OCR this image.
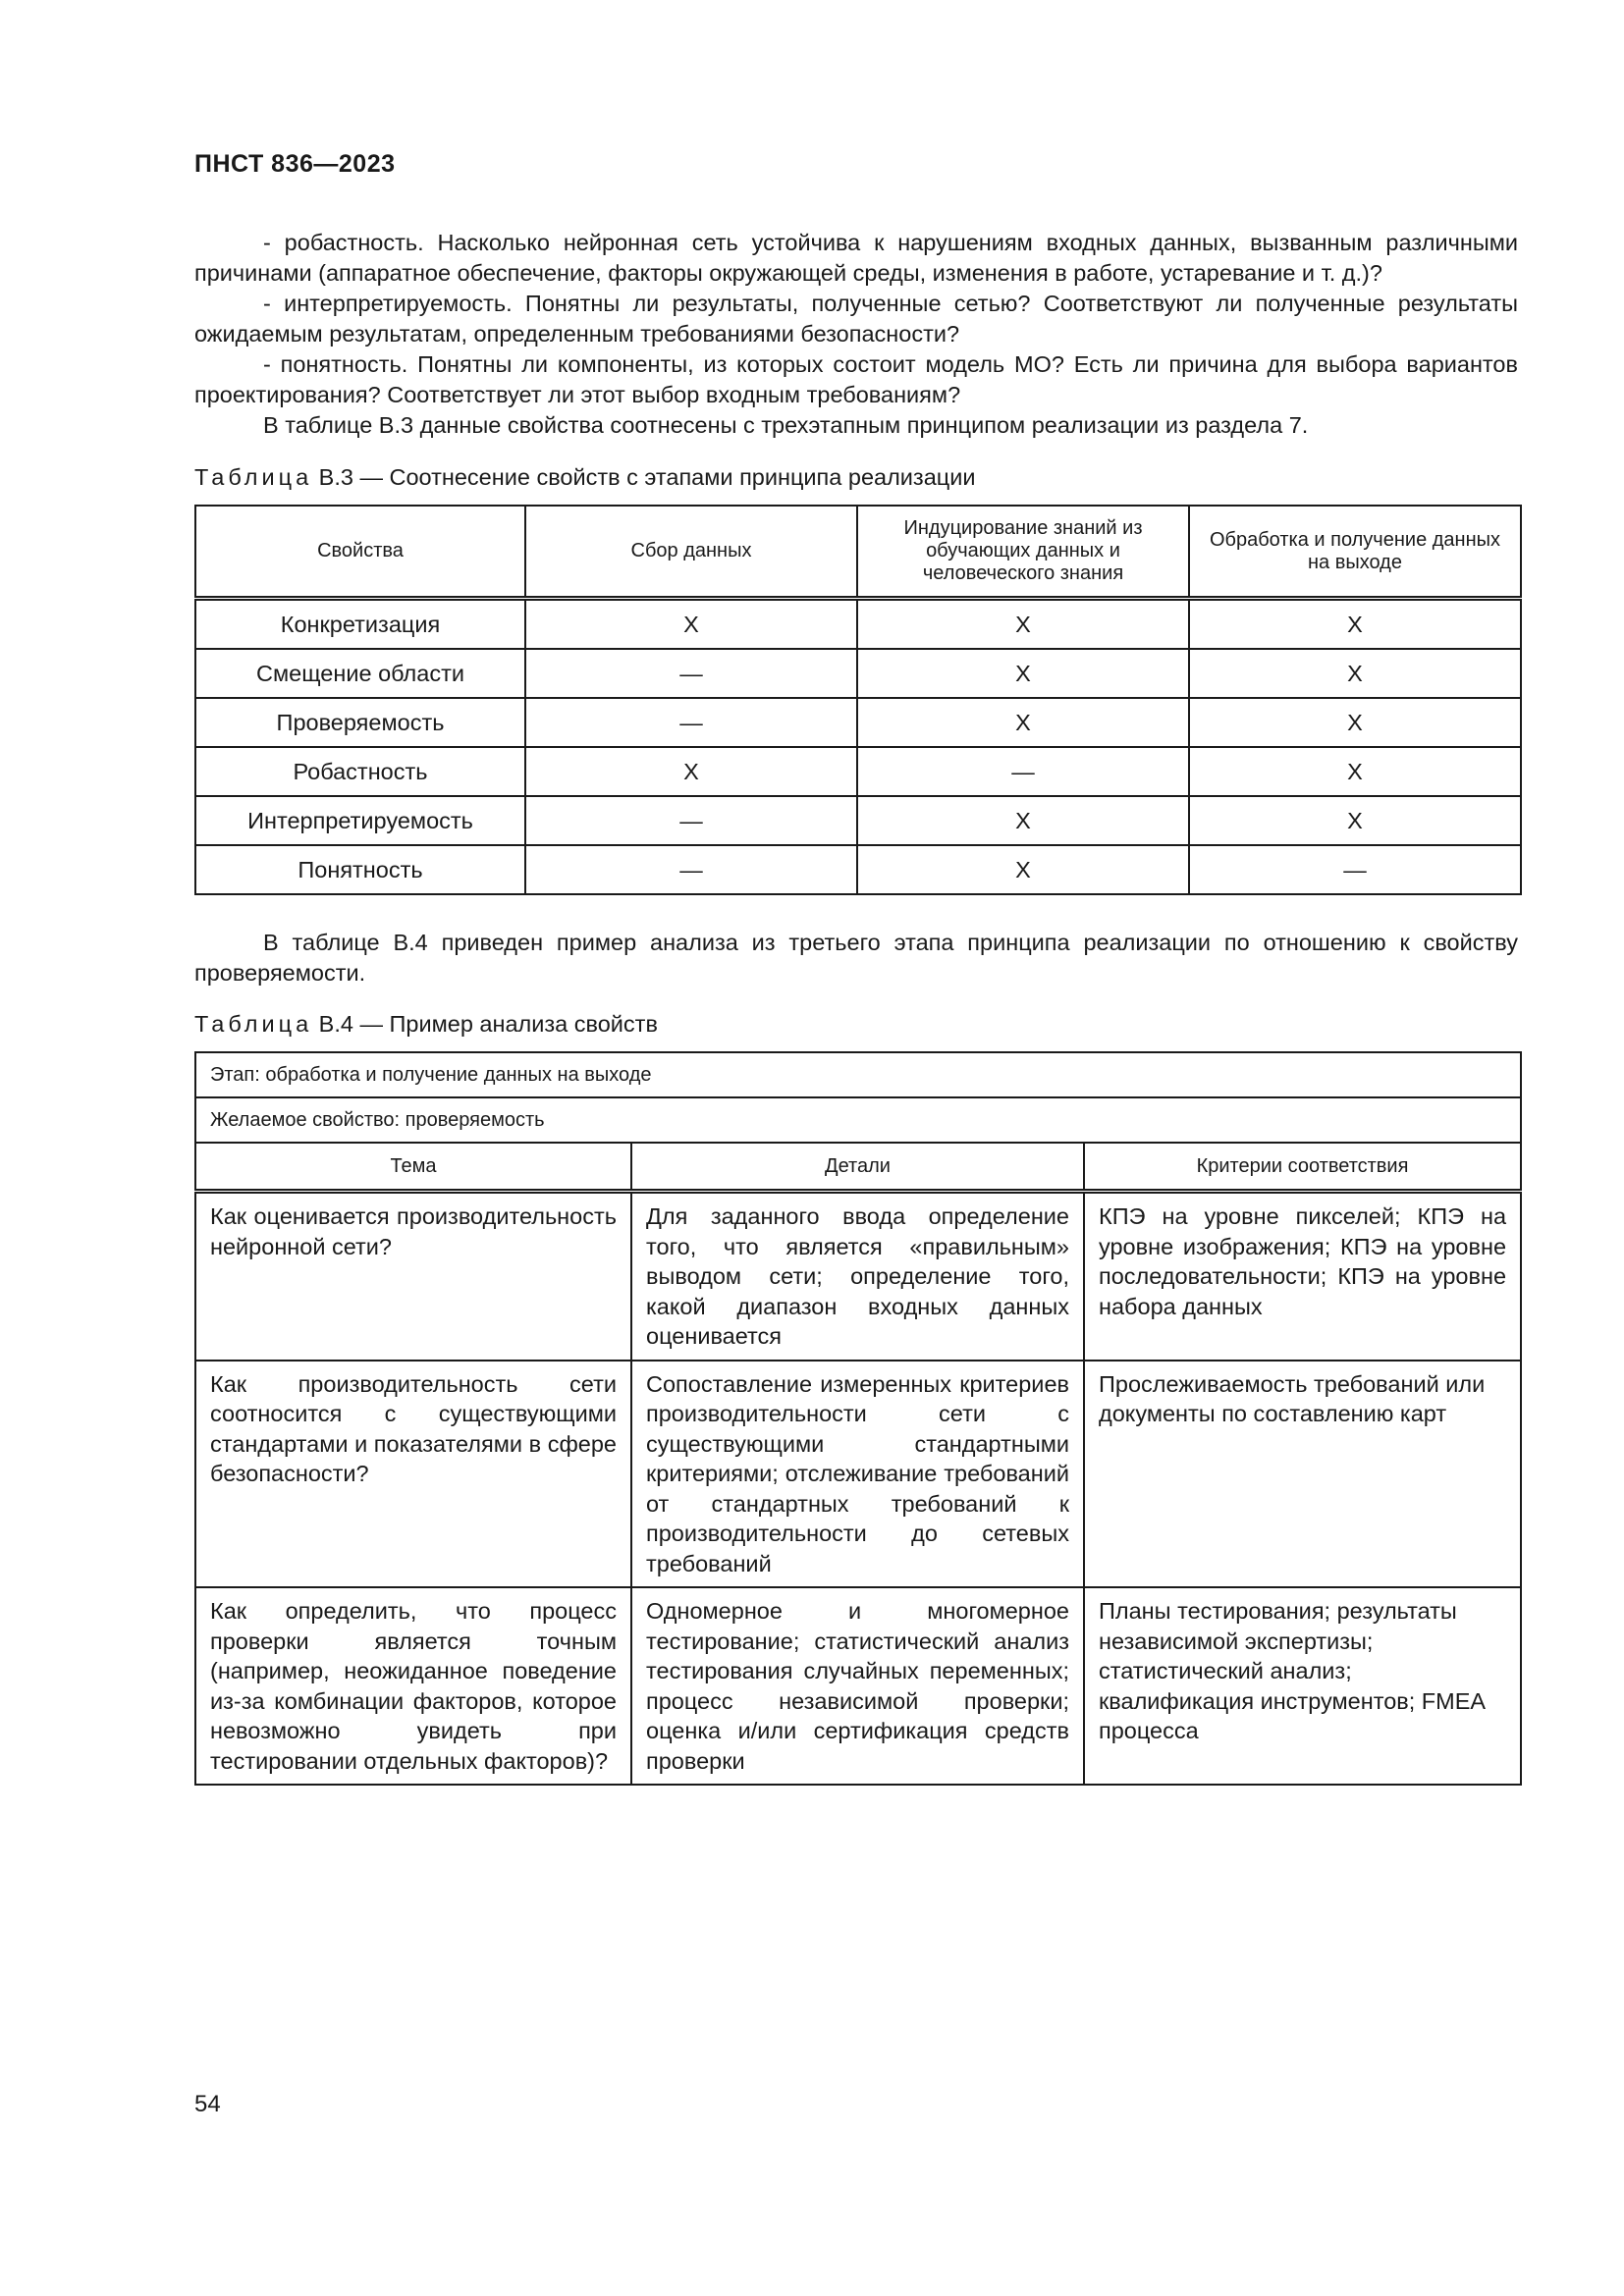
ПНСТ 836—2023

- робастность. Насколько нейронная сеть устойчива к нарушениям входных данных, вызванным различными причинами (аппаратное обеспечение, факторы окружающей среды, изменения в работе, устаревание и т. д.)?

- интерпретируемость. Понятны ли результаты, полученные сетью? Соответствуют ли полученные результаты ожидаемым результатам, определенным требованиями безопасности?

- понятность. Понятны ли компоненты, из которых состоит модель МО? Есть ли причина для выбора вариантов проектирования? Соответствует ли этот выбор входным требованиям?

В таблице В.3 данные свойства соотнесены с трехэтапным принципом реализации из раздела 7.

Таблица В.3 — Соотнесение свойств с этапами принципа реализации
Свойства	Сбор данных	Индуцирование знаний из обучающих данных и человеческого знания	Обработка и получение данных на выходе
Конкретизация	X	X	X
Смещение области	—	X	X
Проверяемость	—	X	X
Робастность	X	—	X
Интерпретируемость	—	X	X
Понятность	—	X	—

В таблице В.4 приведен пример анализа из третьего этапа принципа реализации по отношению к свойству проверяемости.

Таблица В.4 — Пример анализа свойств
Этап: обработка и получение данных на выходе		
Желаемое свойство: проверяемость		
Тема	Детали	Критерии соответствия

Как оценивается производительность нейронной сети?	Для заданного ввода определение того, что является «правильным» выводом сети; определение того, какой диапазон входных данных оценивается	КПЭ на уровне пикселей; КПЭ на уровне изображения; КПЭ на уровне последовательности; КПЭ на уровне набора данных

Как производительность сети соотносится с существующими стандартами и показателями в сфере безопасности?	Сопоставление измеренных критериев производительности сети с существующими стандартными критериями; отслеживание требований от стандартных требований к производительности до сетевых требований	Прослеживаемость требований или документы по составлению карт

Как определить, что процесс проверки является точным (например, неожиданное поведение из-за комбинации факторов, которое невозможно увидеть при тестировании отдельных факторов)?	Одномерное и многомерное тестирование; статистический анализ тестирования случайных переменных; процесс независимой проверки; оценка и/или сертификация средств проверки	Планы тестирования; результаты независимой экспертизы; статистический анализ; квалификация инструментов; FMEA процесса

54
